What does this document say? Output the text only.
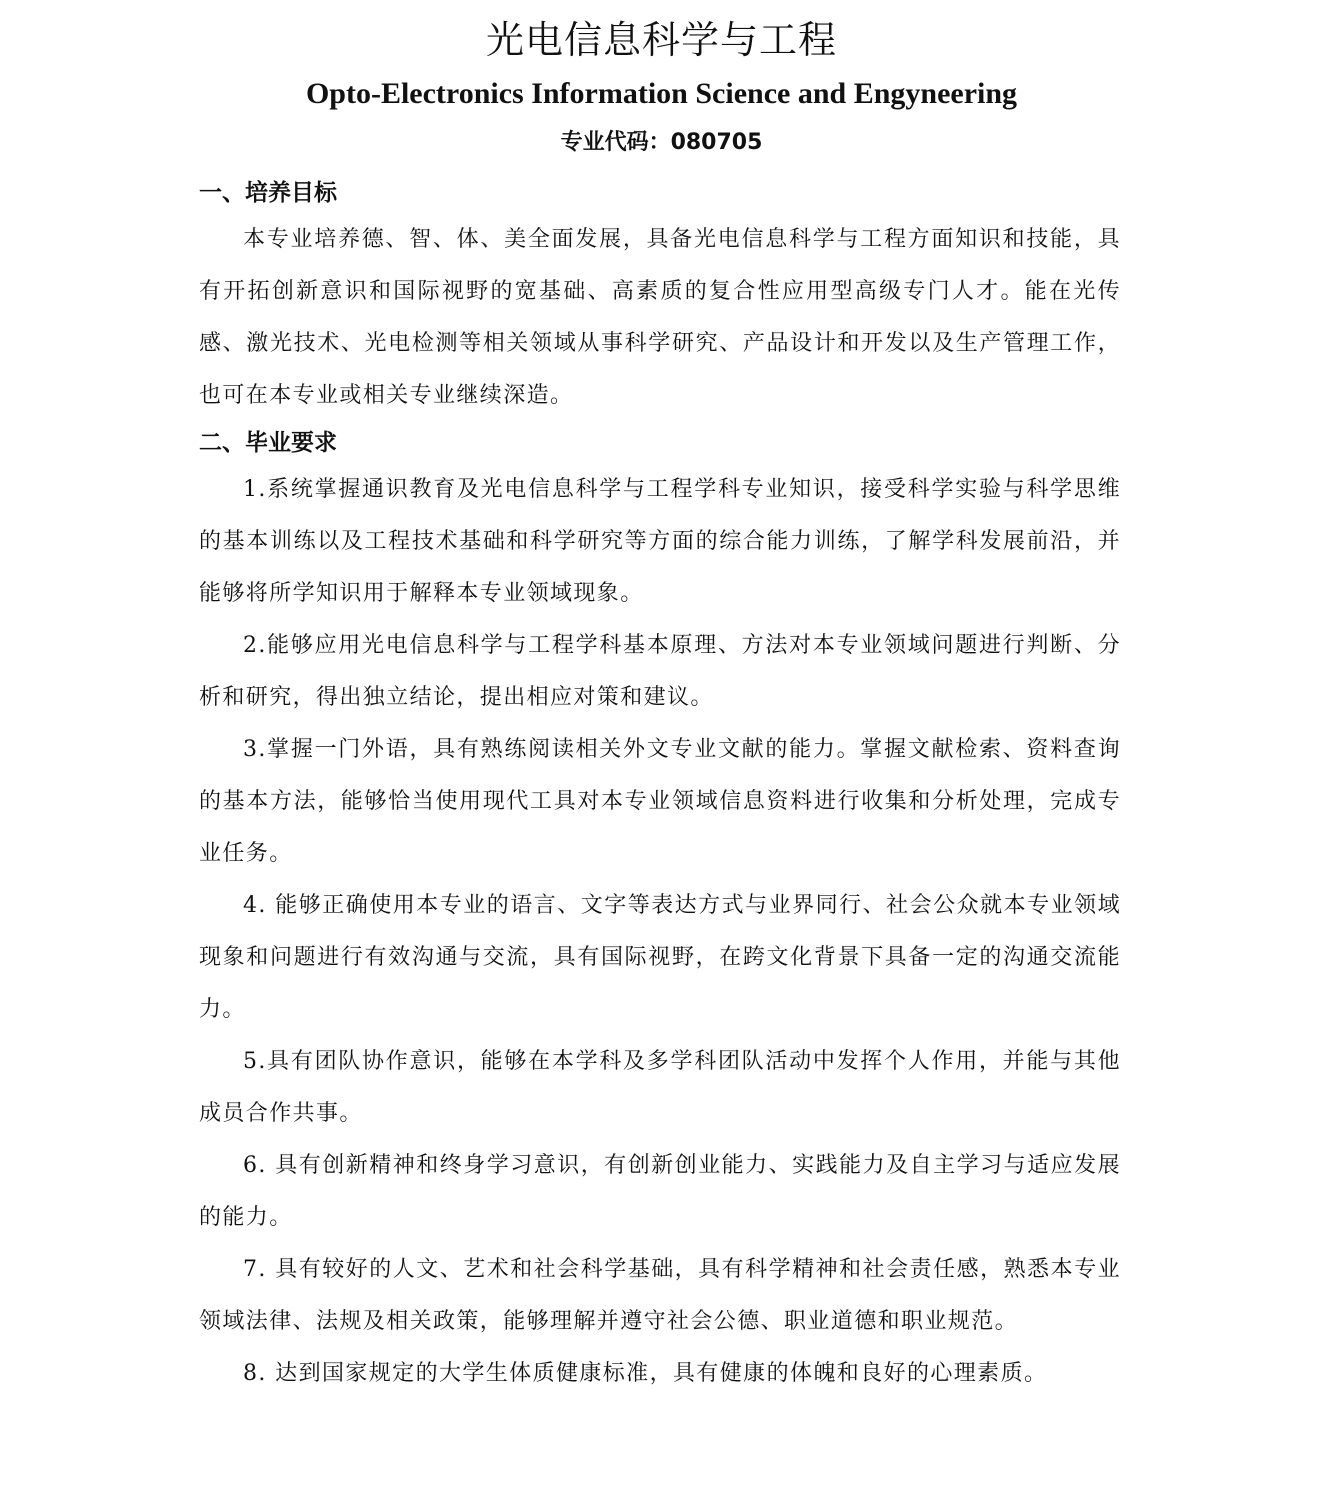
光电信息科学与工程
Opto-Electronics Information Science and Engyneering
专业代码：080705
一、培养目标

本专业培养德、智、体、美全面发展，具备光电信息科学与工程方面知识和技能，具有开拓创新意识和国际视野的宽基础、高素质的复合性应用型高级专门人才。能在光传感、激光技术、光电检测等相关领域从事科学研究、产品设计和开发以及生产管理工作，也可在本专业或相关专业继续深造。

二、毕业要求

1.系统掌握通识教育及光电信息科学与工程学科专业知识，接受科学实验与科学思维的基本训练以及工程技术基础和科学研究等方面的综合能力训练，了解学科发展前沿，并能够将所学知识用于解释本专业领域现象。

2.能够应用光电信息科学与工程学科基本原理、方法对本专业领域问题进行判断、分析和研究，得出独立结论，提出相应对策和建议。

3.掌握一门外语，具有熟练阅读相关外文专业文献的能力。掌握文献检索、资料查询的基本方法，能够恰当使用现代工具对本专业领域信息资料进行收集和分析处理，完成专业任务。

4. 能够正确使用本专业的语言、文字等表达方式与业界同行、社会公众就本专业领域现象和问题进行有效沟通与交流，具有国际视野，在跨文化背景下具备一定的沟通交流能力。

5.具有团队协作意识，能够在本学科及多学科团队活动中发挥个人作用，并能与其他成员合作共事。

6. 具有创新精神和终身学习意识，有创新创业能力、实践能力及自主学习与适应发展的能力。

7. 具有较好的人文、艺术和社会科学基础，具有科学精神和社会责任感，熟悉本专业领域法律、法规及相关政策，能够理解并遵守社会公德、职业道德和职业规范。

8. 达到国家规定的大学生体质健康标准，具有健康的体魄和良好的心理素质。
